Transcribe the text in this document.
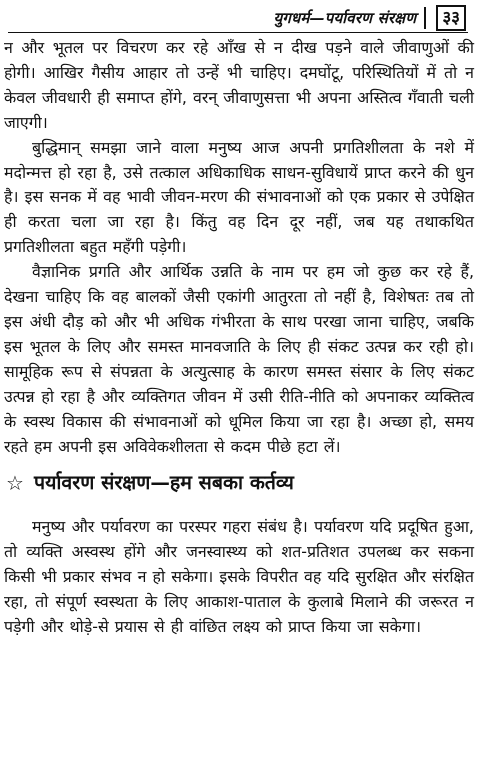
युगधर्म—पर्यावरण संरक्षण	३३

न और भूतल पर विचरण कर रहे आँख से न दीख पड़ने वाले जीवाणुओं की होगी। आखिर गैसीय आहार तो उन्हें भी चाहिए। दमघोंटू, परिस्थितियों में तो न केवल जीवधारी ही समाप्त होंगे, वरन् जीवाणुसत्ता भी अपना अस्तित्व गँवाती चली जाएगी।

बुद्धिमान् समझा जाने वाला मनुष्य आज अपनी प्रगतिशीलता के नशे में मदोन्मत्त हो रहा है, उसे तत्काल अधिकाधिक साधन-सुविधायें प्राप्त करने की धुन है। इस सनक में वह भावी जीवन-मरण की संभावनाओं को एक प्रकार से उपेक्षित ही करता चला जा रहा है। किंतु वह दिन दूर नहीं, जब यह तथाकथित प्रगतिशीलता बहुत महँगी पड़ेगी।

वैज्ञानिक प्रगति और आर्थिक उन्नति के नाम पर हम जो कुछ कर रहे हैं, देखना चाहिए कि वह बालकों जैसी एकांगी आतुरता तो नहीं है, विशेषतः तब तो इस अंधी दौड़ को और भी अधिक गंभीरता के साथ परखा जाना चाहिए, जबकि इस भूतल के लिए और समस्त मानवजाति के लिए ही संकट उत्पन्न कर रही हो। सामूहिक रूप से संपन्नता के अत्युत्साह के कारण समस्त संसार के लिए संकट उत्पन्न हो रहा है और व्यक्तिगत जीवन में उसी रीति-नीति को अपनाकर व्यक्तित्व के स्वस्थ विकास की संभावनाओं को धूमिल किया जा रहा है। अच्छा हो, समय रहते हम अपनी इस अविवेकशीलता से कदम पीछे हटा लें।

☆ पर्यावरण संरक्षण—हम सबका कर्तव्य

मनुष्य और पर्यावरण का परस्पर गहरा संबंध है। पर्यावरण यदि प्रदूषित हुआ, तो व्यक्ति अस्वस्थ होंगे और जनस्वास्थ्य को शत-प्रतिशत उपलब्ध कर सकना किसी भी प्रकार संभव न हो सकेगा। इसके विपरीत वह यदि सुरक्षित और संरक्षित रहा, तो संपूर्ण स्वस्थता के लिए आकाश-पाताल के कुलाबे मिलाने की जरूरत न पड़ेगी और थोड़े-से प्रयास से ही वांछित लक्ष्य को प्राप्त किया जा सकेगा।
